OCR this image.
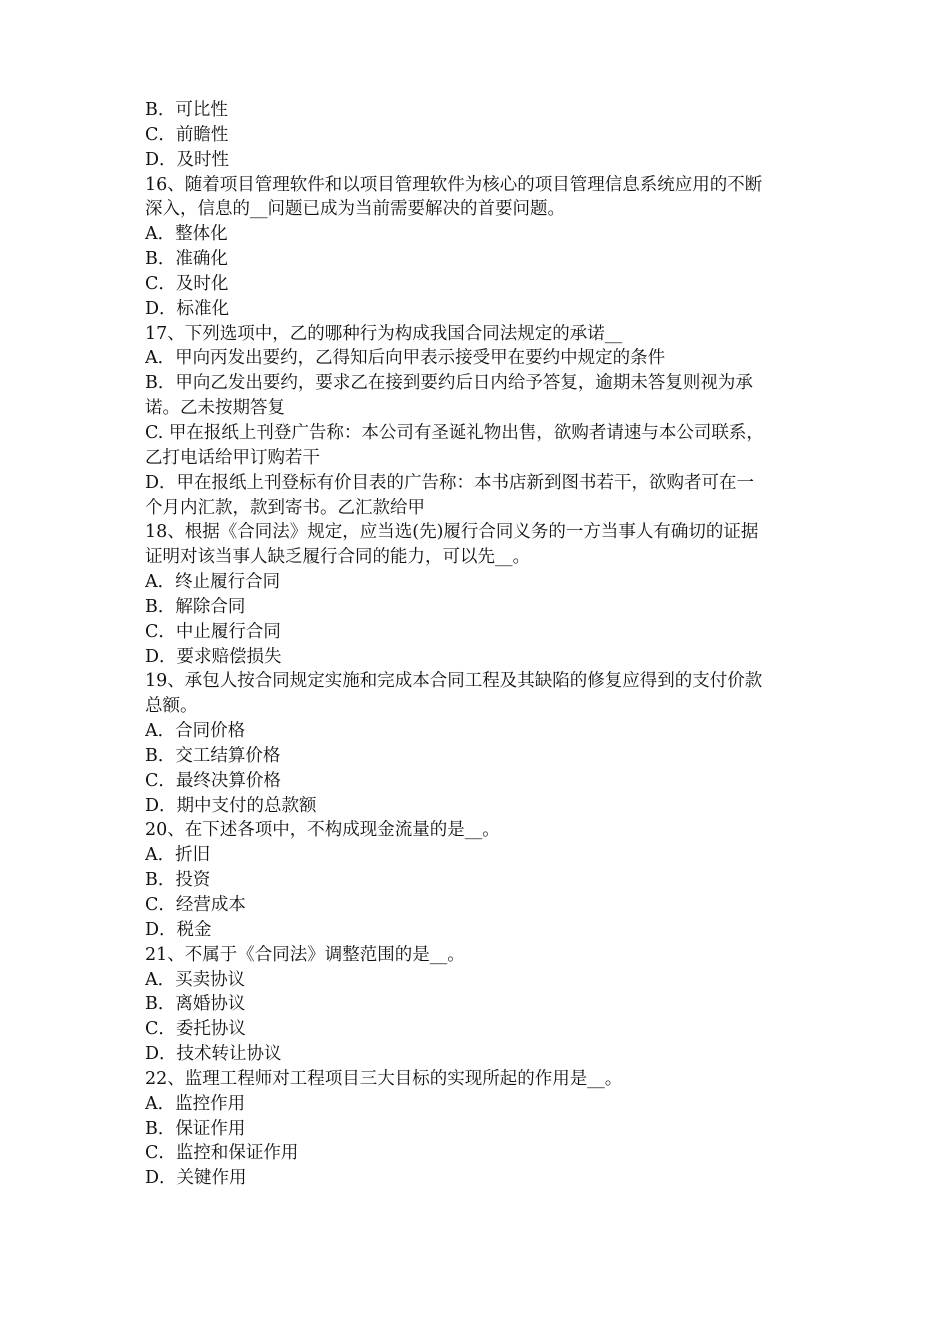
B．可比性
C．前瞻性
D．及时性
16、随着项目管理软件和以项目管理软件为核心的项目管理信息系统应用的不断
深入，信息的__问题已成为当前需要解决的首要问题。
A．整体化
B．准确化
C．及时化
D．标准化
17、下列选项中，乙的哪种行为构成我国合同法规定的承诺__
A．甲向丙发出要约，乙得知后向甲表示接受甲在要约中规定的条件
B．甲向乙发出要约，要求乙在接到要约后日内给予答复，逾期未答复则视为承
诺。乙未按期答复
C. 甲在报纸上刊登广告称：本公司有圣诞礼物出售，欲购者请速与本公司联系，
乙打电话给甲订购若干
D．甲在报纸上刊登标有价目表的广告称：本书店新到图书若干，欲购者可在一
个月内汇款，款到寄书。乙汇款给甲
18、根据《合同法》规定，应当选(先)履行合同义务的一方当事人有确切的证据
证明对该当事人缺乏履行合同的能力，可以先__。
A．终止履行合同
B．解除合同
C．中止履行合同
D．要求赔偿损失
19、承包人按合同规定实施和完成本合同工程及其缺陷的修复应得到的支付价款
总额。
A．合同价格
B．交工结算价格
C．最终决算价格
D．期中支付的总款额
20、在下述各项中，不构成现金流量的是__。
A．折旧
B．投资
C．经营成本
D．税金
21、不属于《合同法》调整范围的是__。
A．买卖协议
B．离婚协议
C．委托协议
D．技术转让协议
22、监理工程师对工程项目三大目标的实现所起的作用是__。
A．监控作用
B．保证作用
C．监控和保证作用
D．关键作用
